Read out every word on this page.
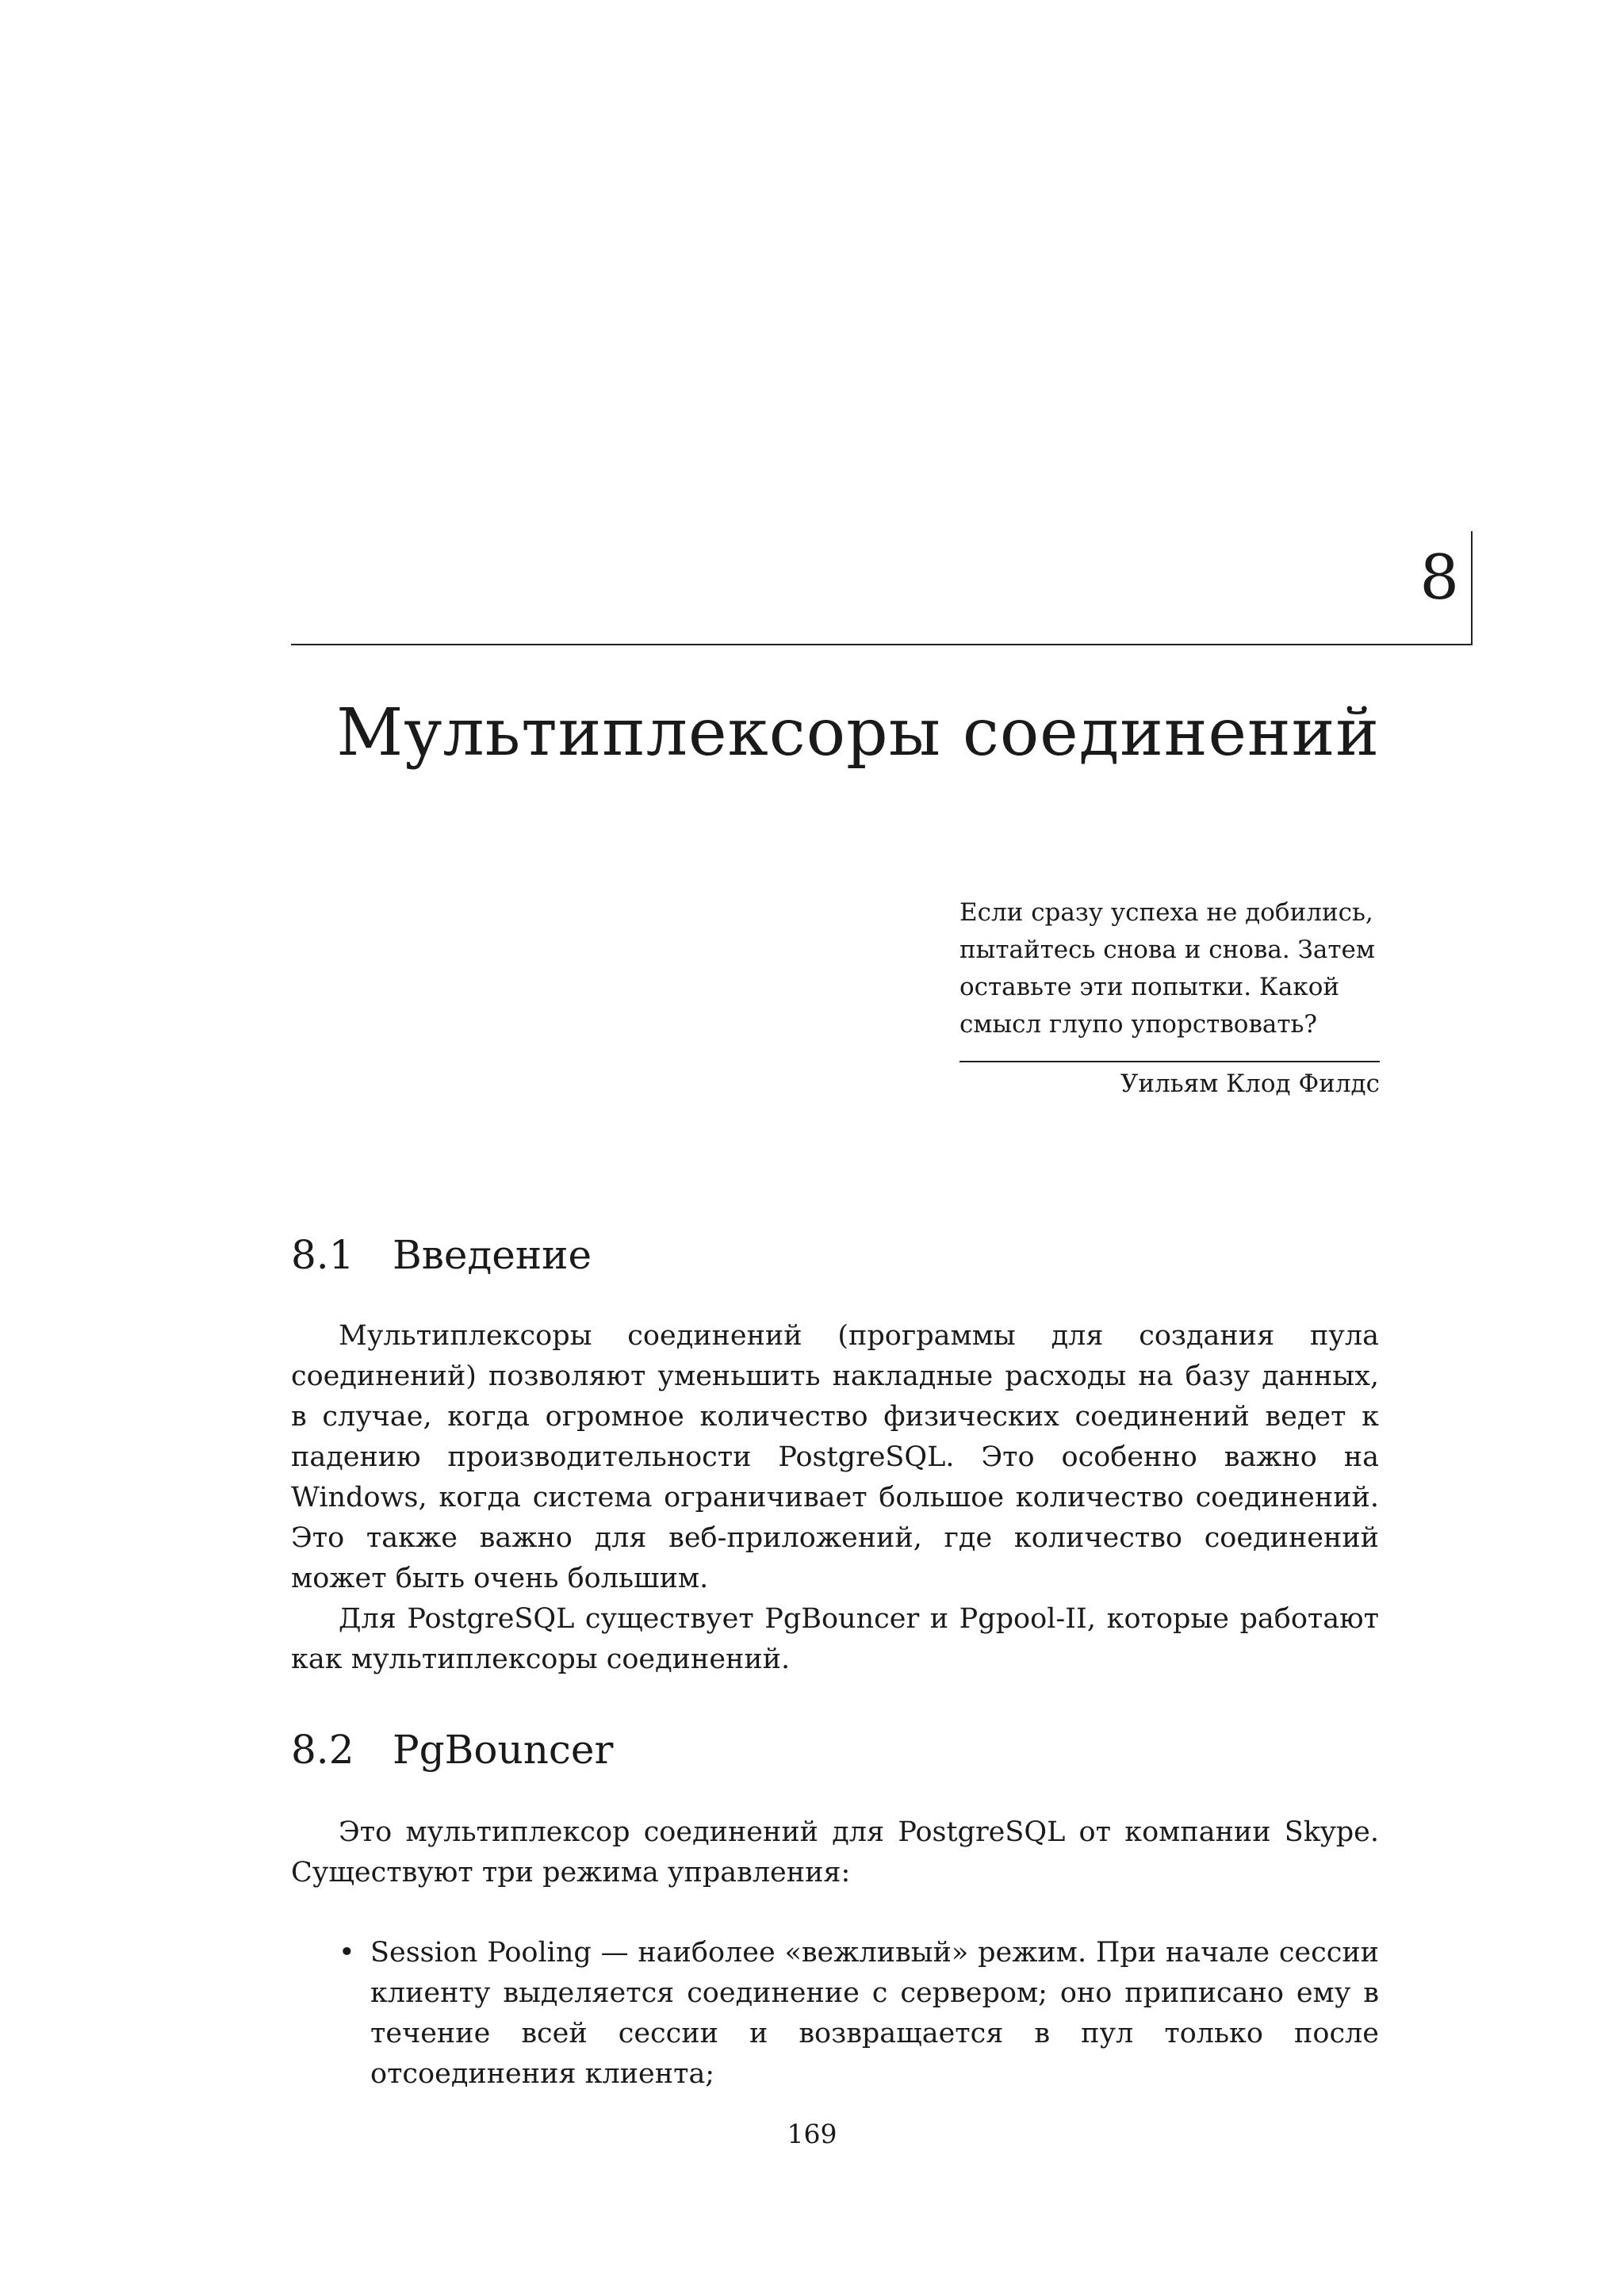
8
Мультиплексоры соединений

Если сразу успеха не добились, пытайтесь снова и снова. Затем оставьте эти попытки. Какой смысл глупо упорствовать?

Уильям Клод Филдс
8.1 Введение

Мультиплексоры соединений (программы для создания пула соединений) позволяют уменьшить накладные расходы на базу данных, в случае, когда огромное количество физических соединений ведет к падению производительности PostgreSQL. Это особенно важно на Windows, когда система ограничивает большое количество соединений. Это также важно для веб-приложений, где количество соединений может быть очень большим.

Для PostgreSQL существует PgBouncer и Pgpool-II, которые работают как мультиплексоры соединений.

8.2 PgBouncer

Это мультиплексор соединений для PostgreSQL от компании Skype. Существуют три режима управления:

• Session Pooling — наиболее «вежливый» режим. При начале сессии клиенту выделяется соединение с сервером; оно приписано ему в течение всей сессии и возвращается в пул только после отсоединения клиента;
169
